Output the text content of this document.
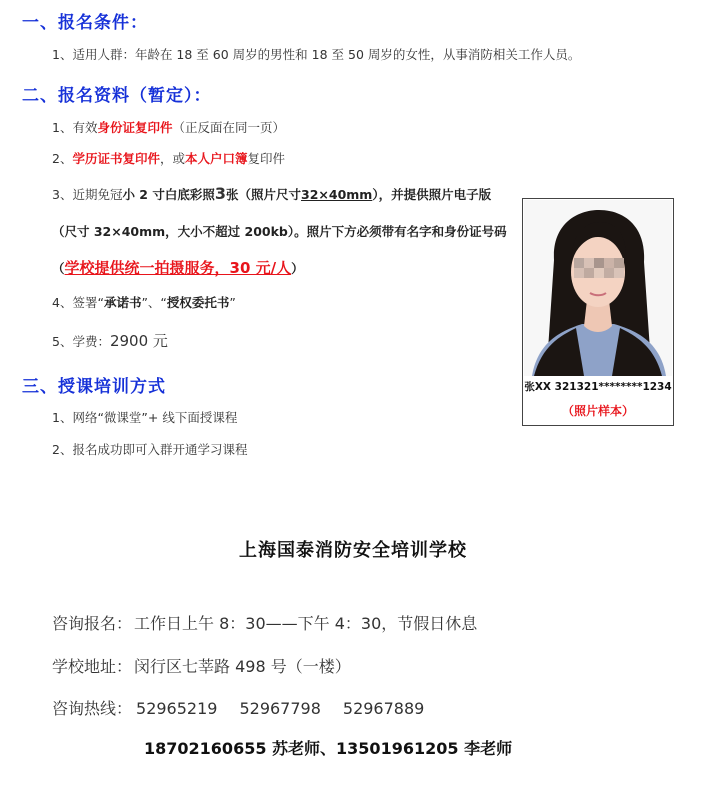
一、报名条件：
1、适用人群：年龄在 18 至 60 周岁的男性和 18 至 50 周岁的女性，从事消防相关工作人员。
二、报名资料（暂定）：
1、有效身份证复印件（正反面在同一页）
2、学历证书复印件，或本人户口簿复印件
3、近期免冠小 2 寸白底彩照3张（照片尺寸32×40mm），并提供照片电子版（尺寸 32×40mm，大小不超过 200kb）。照片下方必须带有名字和身份证号码（学校提供统一拍摄服务，30 元/人）
4、签署“承诺书”、“授权委托书”
5、学费：2900 元
三、授课培训方式
1、网络“微课堂”+ 线下面授课程
2、报名成功即可入群开通学习课程
张XX 321321********1234
（照片样本）
上海国泰消防安全培训学校
咨询报名： 工作日上午 8：30——下午 4：30，节假日休息
学校地址： 闵行区七莘路 498 号（一楼）
咨询热线： 52965219 52967798 52967889
18702160655 苏老师、13501961205 李老师
